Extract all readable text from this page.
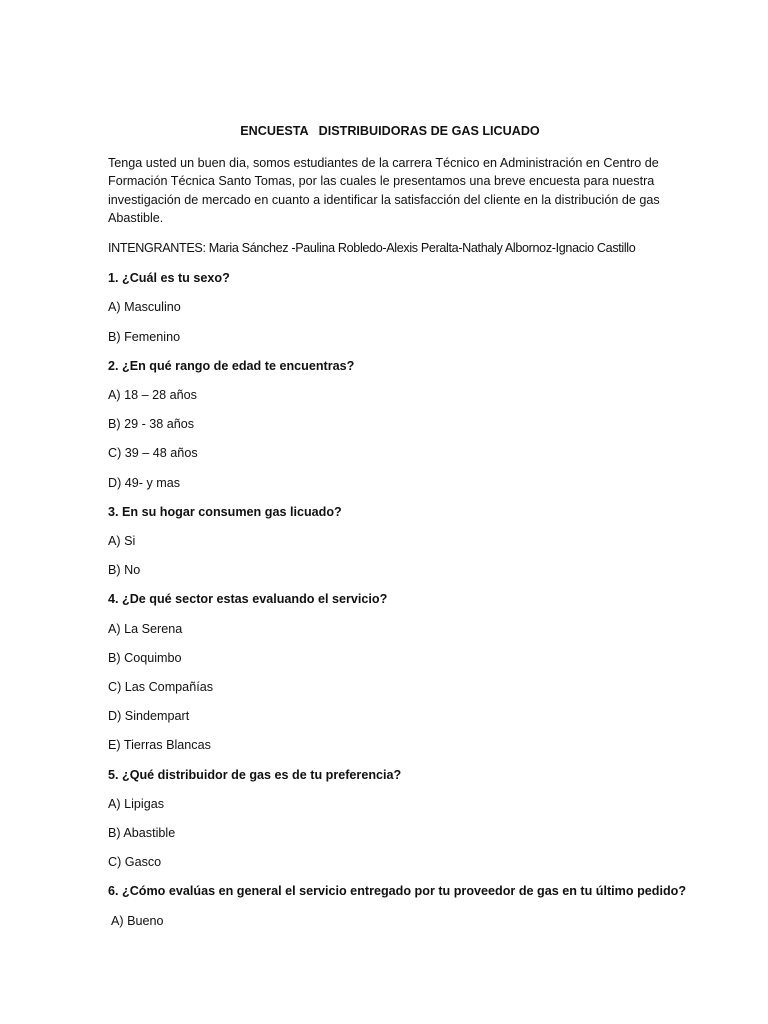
ENCUESTA   DISTRIBUIDORAS DE GAS LICUADO

Tenga usted un buen dia, somos estudiantes de la carrera Técnico en Administración en Centro de Formación Técnica Santo Tomas, por las cuales le presentamos una breve encuesta para nuestra investigación de mercado en cuanto a identificar la satisfacción del cliente en la distribución de gas Abastible.

INTENGRANTES: Maria Sánchez -Paulina Robledo-Alexis Peralta-Nathaly Albornoz-Ignacio Castillo

1. ¿Cuál es tu sexo?

A) Masculino

B) Femenino

2. ¿En qué rango de edad te encuentras?

A) 18 – 28 años

B) 29 - 38 años

C) 39 – 48 años

D) 49- y mas

3. En su hogar consumen gas licuado?

A) Si

B) No

4. ¿De qué sector estas evaluando el servicio?

A) La Serena

B) Coquimbo

C) Las Compañías

D) Sindempart

E) Tierras Blancas

5. ¿Qué distribuidor de gas es de tu preferencia?

A) Lipigas

B) Abastible

C) Gasco

6. ¿Cómo evalúas en general el servicio entregado por tu proveedor de gas en tu último pedido?

A) Bueno
